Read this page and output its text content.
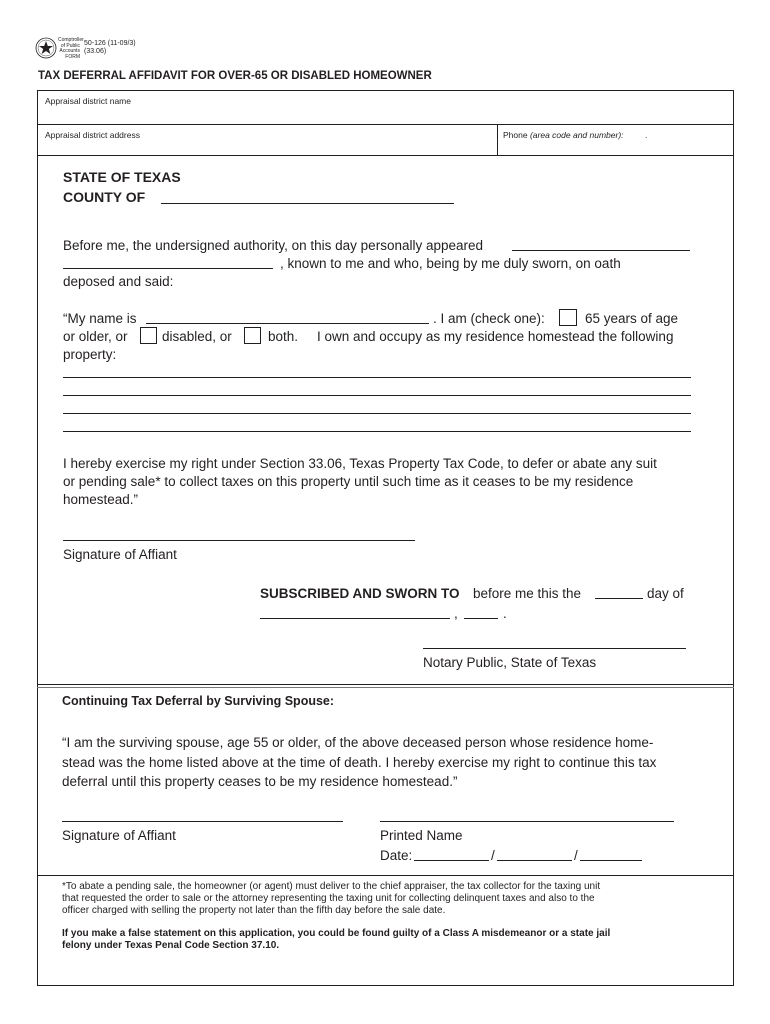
Comptroller
of Public
Accounts
FORM
50-126 (11-09/3)
(33.06)
TAX DEFERRAL AFFIDAVIT FOR OVER-65 OR DISABLED HOMEOWNER
Appraisal district name
Appraisal district address	Phone (area code and number):	.
STATE OF TEXAS
COUNTY OF
Before me, the undersigned authority, on this day personally appeared
, known to me and who, being by me duly sworn, on oath
deposed and said:
“My name is	. I am (check one):	65 years of age
or older, or	disabled, or	both. I own and occupy as my residence homestead the following
property:
I hereby exercise my right under Section 33.06, Texas Property Tax Code, to defer or abate any suit
or pending sale* to collect taxes on this property until such time as it ceases to be my residence
homestead.”
Signature of Affiant
SUBSCRIBED AND SWORN TO before me this the	day of
,	.
Notary Public, State of Texas
Continuing Tax Deferral by Surviving Spouse:
“I am the surviving spouse, age 55 or older, of the above deceased person whose residence home-
stead was the home listed above at the time of death. I hereby exercise my right to continue this tax
deferral until this property ceases to be my residence homestead.”
Signature of Affiant	Printed Name
Date:	/	/
*To abate a pending sale, the homeowner (or agent) must deliver to the chief appraiser, the tax collector for the taxing unit
that requested the order to sale or the attorney representing the taxing unit for collecting delinquent taxes and also to the
officer charged with selling the property not later than the fifth day before the sale date.
If you make a false statement on this application, you could be found guilty of a Class A misdemeanor or a state jail
felony under Texas Penal Code Section 37.10.
